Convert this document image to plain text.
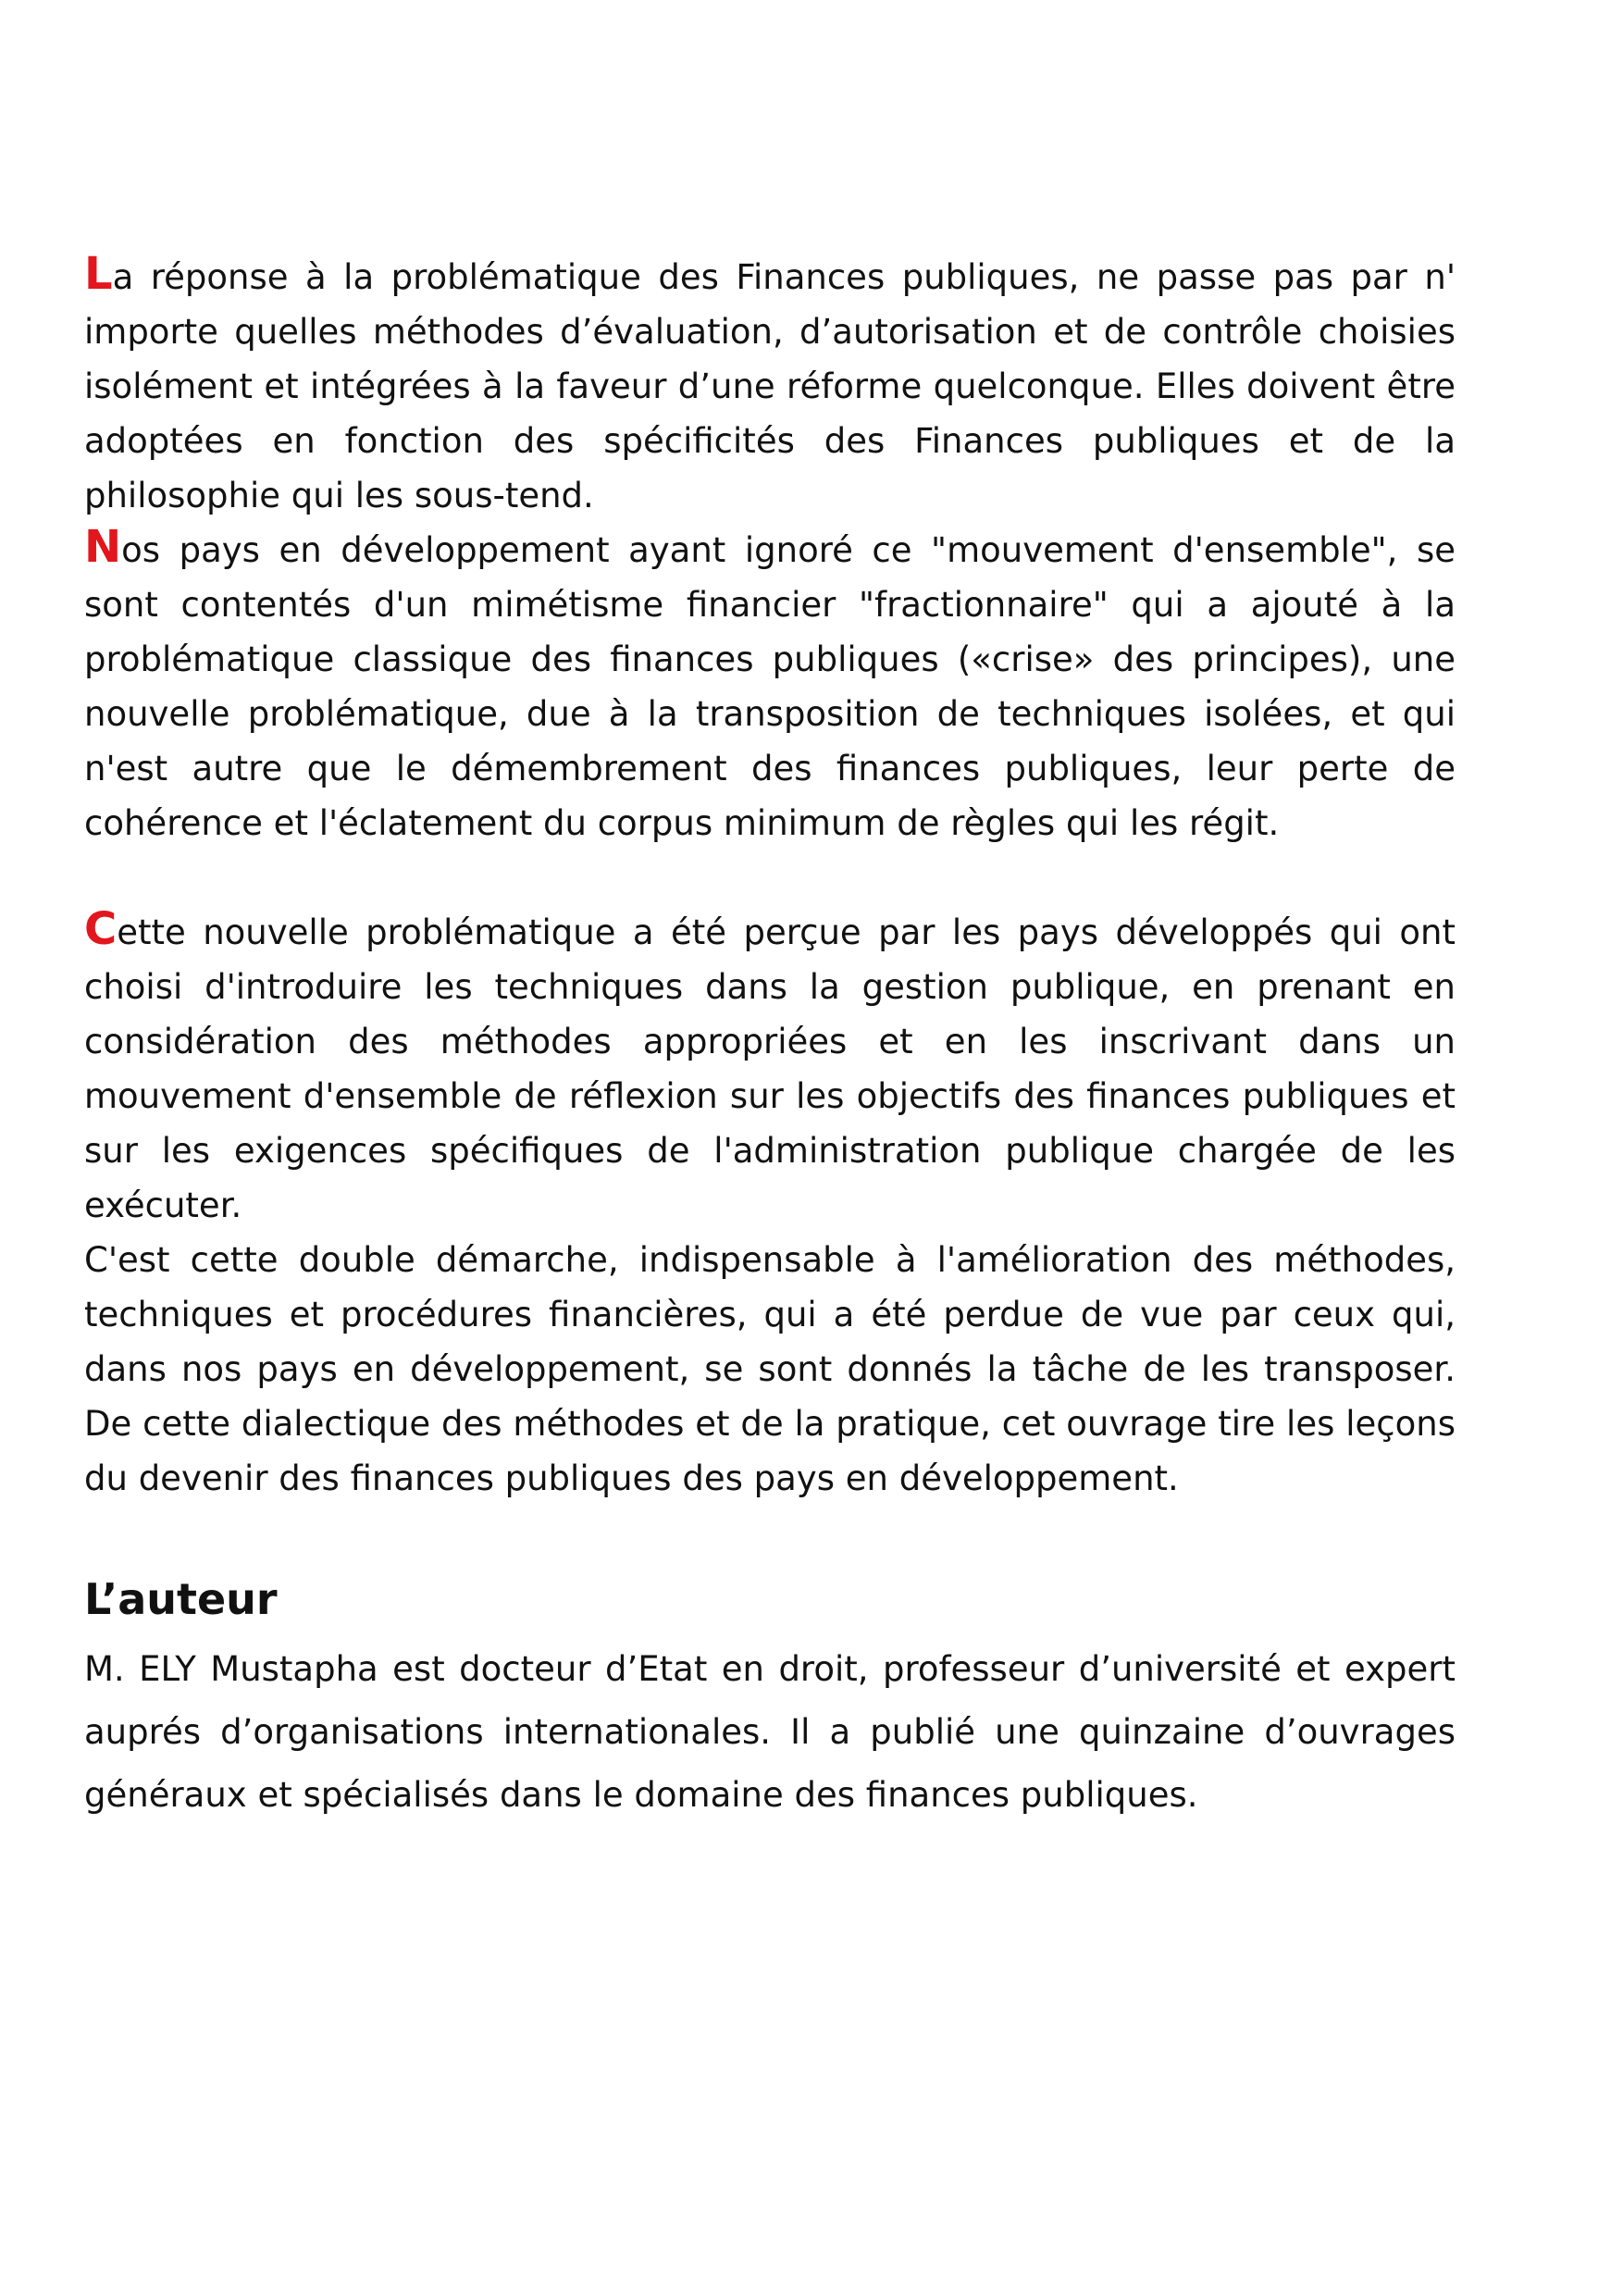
La réponse à la problématique des Finances publiques, ne passe pas par n' importe quelles méthodes d’évaluation, d’autorisation et de contrôle choisies isolément et intégrées à la faveur d’une réforme quelconque. Elles doivent être adoptées en fonction des spécificités des Finances publiques et de la philosophie qui les sous-tend.

Nos pays en développement ayant ignoré ce "mouvement d'ensemble", se sont contentés d'un mimétisme financier "fractionnaire" qui a ajouté à la problématique classique des finances publiques («crise» des principes), une nouvelle problématique, due à la transposition de techniques isolées, et qui n'est autre que le démembrement des finances publiques, leur perte de cohérence et l'éclatement du corpus minimum de règles qui les régit.

Cette nouvelle problématique a été perçue par les pays développés qui ont choisi d'introduire les techniques dans la gestion publique, en prenant en considération des méthodes appropriées et en les inscrivant dans un mouvement d'ensemble de réflexion sur les objectifs des finances publiques et sur les exigences spécifiques de l'administration publique chargée de les exécuter.

C'est cette double démarche, indispensable à l'amélioration des méthodes, techniques et procédures financières, qui a été perdue de vue par ceux qui, dans nos pays en développement, se sont donnés la tâche de les transposer. De cette dialectique des méthodes et de la pratique, cet ouvrage tire les leçons du devenir des finances publiques des pays en développement.

L’auteur

M. ELY Mustapha est docteur d’Etat en droit, professeur d’université et expert auprés d’organisations internationales. Il a publié une quinzaine d’ouvrages généraux et spécialisés dans le domaine des finances publiques.
